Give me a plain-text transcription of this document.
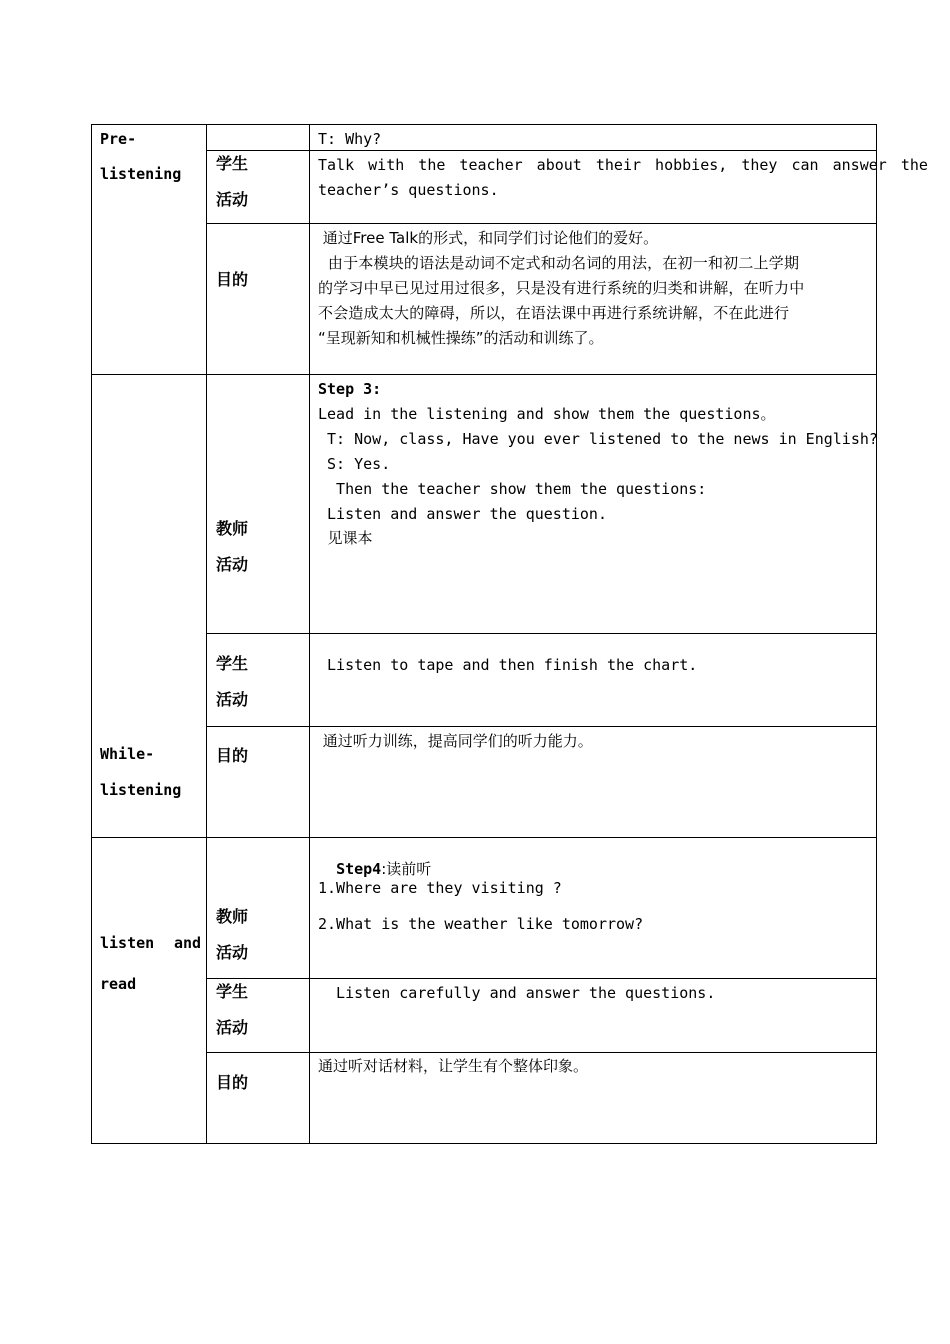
Pre-
listening
T: Why?
学生
活动
Talk with the teacher about their hobbies, they can answer the
teacher’s questions.
目的
通过Free Talk的形式，和同学们讨论他们的爱好。
由于本模块的语法是动词不定式和动名词的用法，在初一和初二上学期
的学习中早已见过用过很多，只是没有进行系统的归类和讲解，在听力中
不会造成太大的障碍，所以，在语法课中再进行系统讲解，不在此进行
“呈现新知和机械性操练”的活动和训练了。
Step 3:
Lead in the listening and show them the questions。
T: Now, class, Have you ever listened to the news in English?
S: Yes.
Then the teacher show them the questions:
Listen and answer the question.
见课本
教师
活动
学生
活动
Listen to tape and then finish the chart.
While-
listening
目的
通过听力训练，提高同学们的听力能力。

Step4:读前听

1.Where are they visiting ?
2.What is the weather like tomorrow?
教师
活动
listen and
read	学生
活动
Listen carefully and answer the questions.
目的
通过听对话材料，让学生有个整体印象。
